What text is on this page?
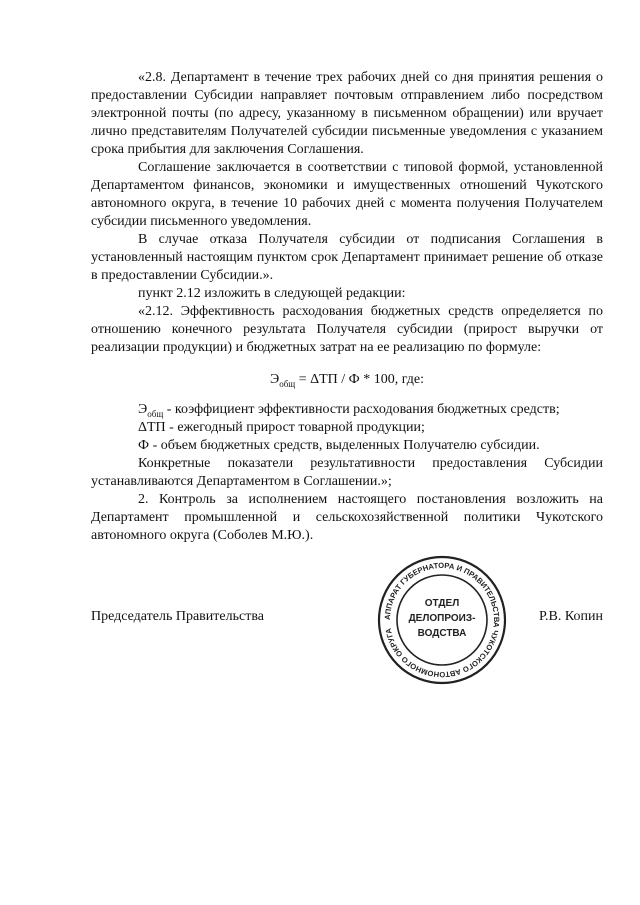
«2.8. Департамент в течение трех рабочих дней со дня принятия решения о предоставлении Субсидии направляет почтовым отправлением либо посредством электронной почты (по адресу, указанному в письменном обращении) или вручает лично представителям Получателей субсидии письменные уведомления с указанием срока прибытия для заключения Соглашения.

Соглашение заключается в соответствии с типовой формой, установленной Департаментом финансов, экономики и имущественных отношений Чукотского автономного округа, в течение 10 рабочих дней с момента получения Получателем субсидии письменного уведомления.

В случае отказа Получателя субсидии от подписания Соглашения в установленный настоящим пунктом срок Департамент принимает решение об отказе в предоставлении Субсидии.».

пункт 2.12 изложить в следующей редакции:

«2.12. Эффективность расходования бюджетных средств определяется по отношению конечного результата Получателя субсидии (прирост выручки от реализации продукции) и бюджетных затрат на ее реализацию по формуле:

$Э_{общ} = \Delta ТП / Ф * 100$, где:

$Э_{общ}$ - коэффициент эффективности расходования бюджетных средств;

ΔТП - ежегодный прирост товарной продукции;

Ф - объем бюджетных средств, выделенных Получателю субсидии.

Конкретные показатели результативности предоставления Субсидии устанавливаются Департаментом в Соглашении.»;

2. Контроль за исполнением настоящего постановления возложить на Департамент промышленной и сельскохозяйственной политики Чукотского автономного округа (Соболев М.Ю.).

Председатель Правительства	Р.В. Копин
АППАРАТ ГУБЕРНАТОРА И ПРАВИТЕЛЬСТВА ЧУКОТСКОГО АВТОНОМНОГО ОКРУГА
ОТДЕЛ
ДЕЛОПРОИЗ-
ВОДСТВА
